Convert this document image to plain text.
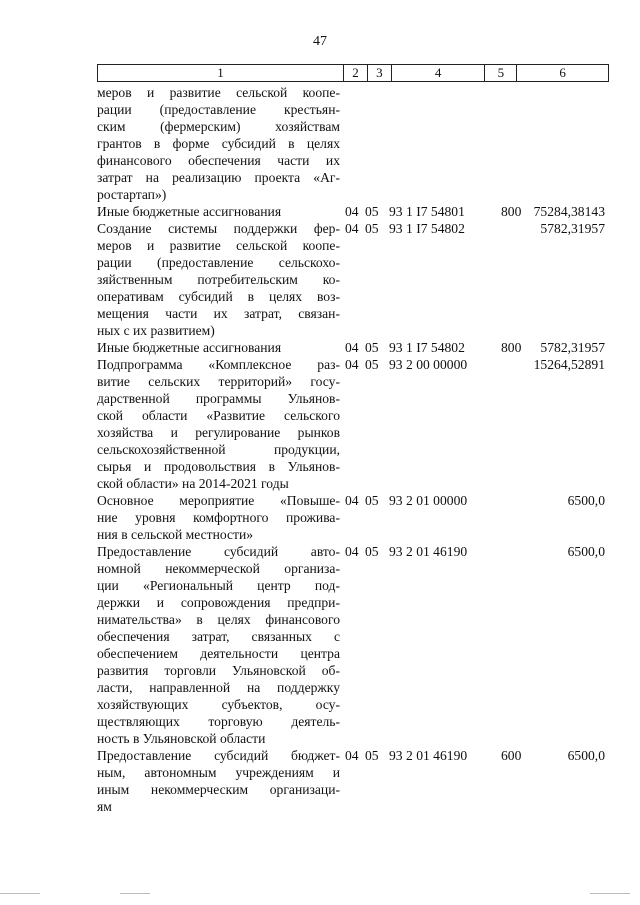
47
1	2	3	4	5	6
меров и развитие сельской коопе-
рации (предоставление крестьян-
ским (фермерским) хозяйствам
грантов в форме субсидий в целях
финансового обеспечения части их
затрат на реализацию проекта «Аг-
ростартап»)
Иные бюджетные ассигнования	04 05 93 1 I7 54801	800 75284,38143
Создание системы поддержки фер-
меров и развитие сельской коопе-
рации (предоставление сельскохо-
зяйственным потребительским ко-
оперативам субсидий в целях воз-
мещения части их затрат, связан-
ных с их развитием)
04 05 93 1 I7 54802	5782,31957
Иные бюджетные ассигнования	04 05 93 1 I7 54802	800	5782,31957
Подпрограмма «Комплексное раз-
витие сельских территорий» госу-
дарственной программы Ульянов-
ской области «Развитие сельского
хозяйства и регулирование рынков
сельскохозяйственной продукции,
сырья и продовольствия в Ульянов-
ской области» на 2014-2021 годы
04 05 93 2 00 00000	15264,52891
Основное мероприятие «Повыше-
ние уровня комфортного прожива-
ния в сельской местности»
04 05 93 2 01 00000	6500,0
Предоставление субсидий авто-
номной некоммерческой организа-
ции «Региональный центр под-
держки и сопровождения предпри-
нимательства» в целях финансового
обеспечения затрат, связанных с
обеспечением деятельности центра
развития торговли Ульяновской об-
ласти, направленной на поддержку
хозяйствующих субъектов, осу-
ществляющих торговую деятель-
ность в Ульяновской области
04 05 93 2 01 46190	6500,0
Предоставление субсидий бюджет-
ным, автономным учреждениям и
иным некоммерческим организаци-
ям
04 05 93 2 01 46190	600	6500,0
